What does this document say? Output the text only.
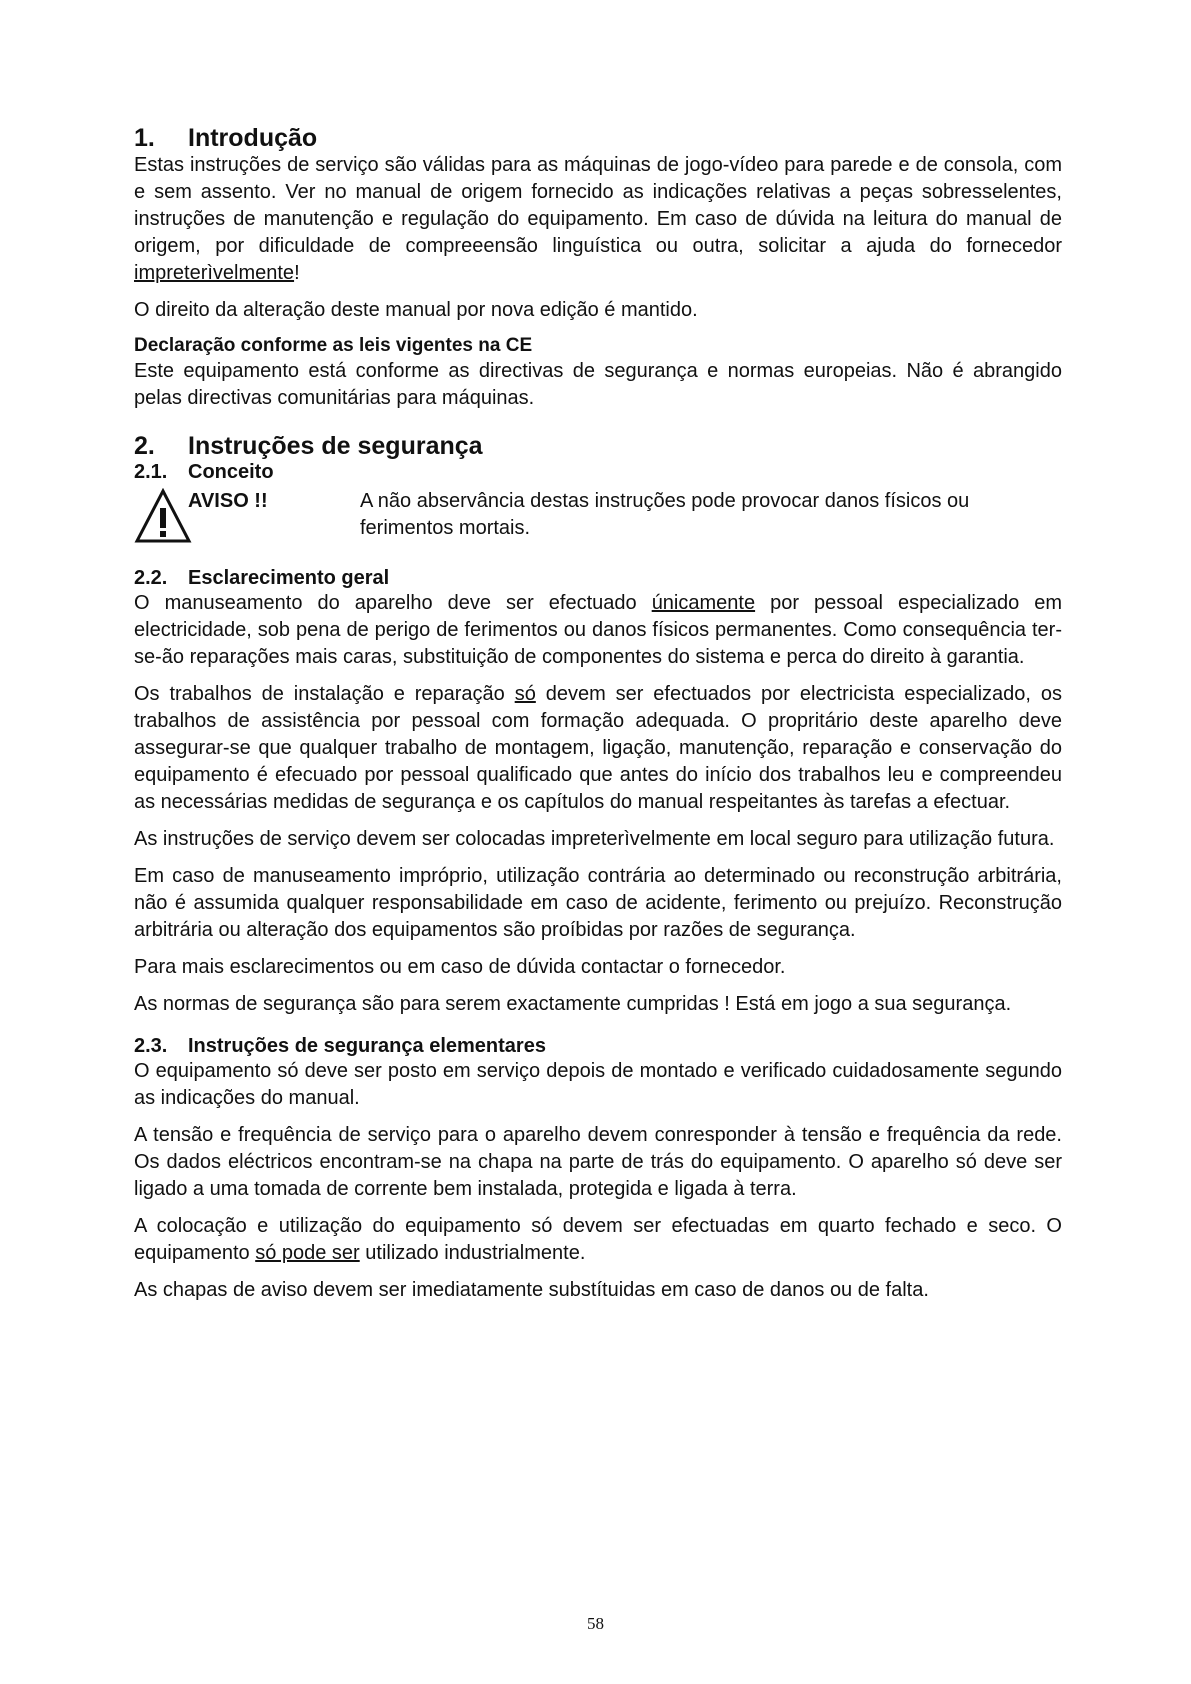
1. Introdução

Estas instruções de serviço são válidas para as máquinas de jogo-vídeo para parede e de consola, com e sem assento. Ver no manual de origem fornecido as indicações relativas a peças sobresselentes, instruções de manutenção e regulação do equipamento. Em caso de dúvida na leitura do manual de origem, por dificuldade de compreeensão linguística ou outra, solicitar a ajuda do fornecedor impreterìvelmente!

O direito da alteração deste manual por nova edição é mantido.

Declaração conforme as leis vigentes na CE

Este equipamento está conforme as directivas de segurança e normas europeias. Não é abrangido pelas directivas comunitárias para máquinas.

2. Instruções de segurança
2.1. Conceito
AVISO !!	A não abservância destas instruções pode provocar danos físicos ou ferimentos mortais.
2.2. Esclarecimento geral

O manuseamento do aparelho deve ser efectuado únicamente por pessoal especializado em electricidade, sob pena de perigo de ferimentos ou danos físicos permanentes. Como consequência ter-se-ão reparações mais caras, substituição de componentes do sistema e perca do direito à garantia.

Os trabalhos de instalação e reparação só devem ser efectuados por electricista especializado, os trabalhos de assistência por pessoal com formação adequada. O propritário deste aparelho deve assegurar-se que qualquer trabalho de montagem, ligação, manutenção, reparação e conservação do equipamento é efecuado por pessoal qualificado que antes do início dos trabalhos leu e compreendeu as necessárias medidas de segurança e os capítulos do manual respeitantes às tarefas a efectuar.

As instruções de serviço devem ser colocadas impreterìvelmente em local seguro para utilização futura.

Em caso de manuseamento impróprio, utilização contrária ao determinado ou reconstrução arbitrária, não é assumida qualquer responsabilidade em caso de acidente, ferimento ou prejuízo. Reconstrução arbitrária ou alteração dos equipamentos são proíbidas por razões de segurança.

Para mais esclarecimentos ou em caso de dúvida contactar o fornecedor.

As normas de segurança são para serem exactamente cumpridas ! Está em jogo a sua segurança.

2.3. Instruções de segurança elementares

O equipamento só deve ser posto em serviço depois de montado e verificado cuidadosamente segundo as indicações do manual.

A tensão e frequência de serviço para o aparelho devem conresponder à tensão e frequência da rede. Os dados eléctricos encontram-se na chapa na parte de trás do equipamento. O aparelho só deve ser ligado a uma tomada de corrente bem instalada, protegida e ligada à terra.

A colocação e utilização do equipamento só devem ser efectuadas em quarto fechado e seco. O equipamento só pode ser utilizado industrialmente.

As chapas de aviso devem ser imediatamente substítuidas em caso de danos ou de falta.

58
